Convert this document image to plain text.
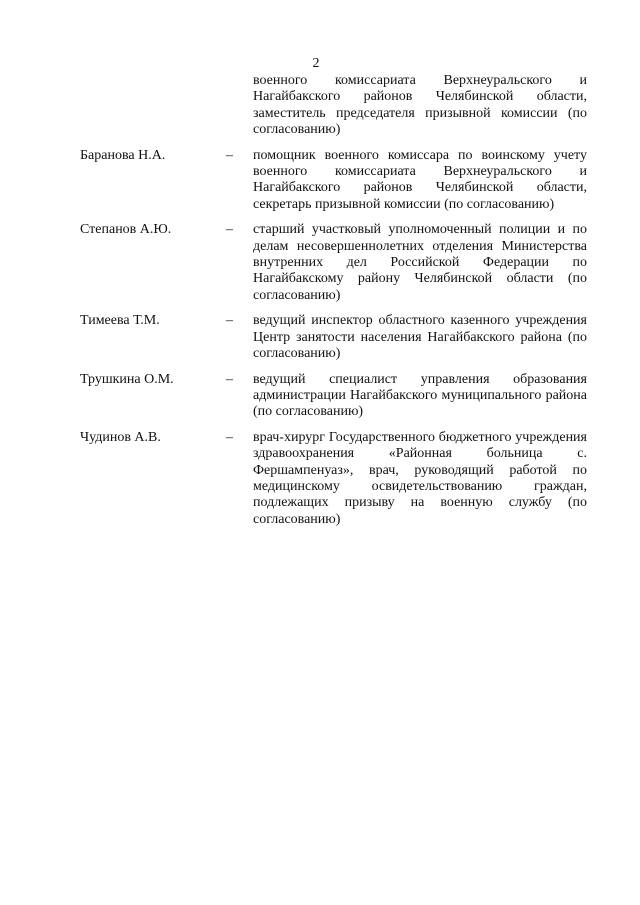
2
военного комиссариата Верхнеуральского и Нагайбакского районов Челябинской области, заместитель председателя призывной комиссии (по согласованию)
Баранова Н.А.	– помощник военного комиссара по воинскому учету военного комиссариата Верхнеуральского и Нагайбакского районов Челябинской области, секретарь призывной комиссии (по согласованию)
Степанов А.Ю.	– старший участковый уполномоченный полиции и по делам несовершеннолетних отделения Министерства внутренних дел Российской Федерации по Нагайбакскому району Челябинской области (по согласованию)
Тимеева Т.М.	– ведущий инспектор областного казенного учреждения Центр занятости населения Нагайбакского района (по согласованию)
Трушкина О.М.	– ведущий специалист управления образования администрации Нагайбакского муниципального района (по согласованию)
Чудинов А.В.	– врач-хирург Государственного бюджетного учреждения здравоохранения «Районная больница с. Фершампенуаз», врач, руководящий работой по медицинскому освидетельствованию граждан, подлежащих призыву на военную службу (по согласованию)
